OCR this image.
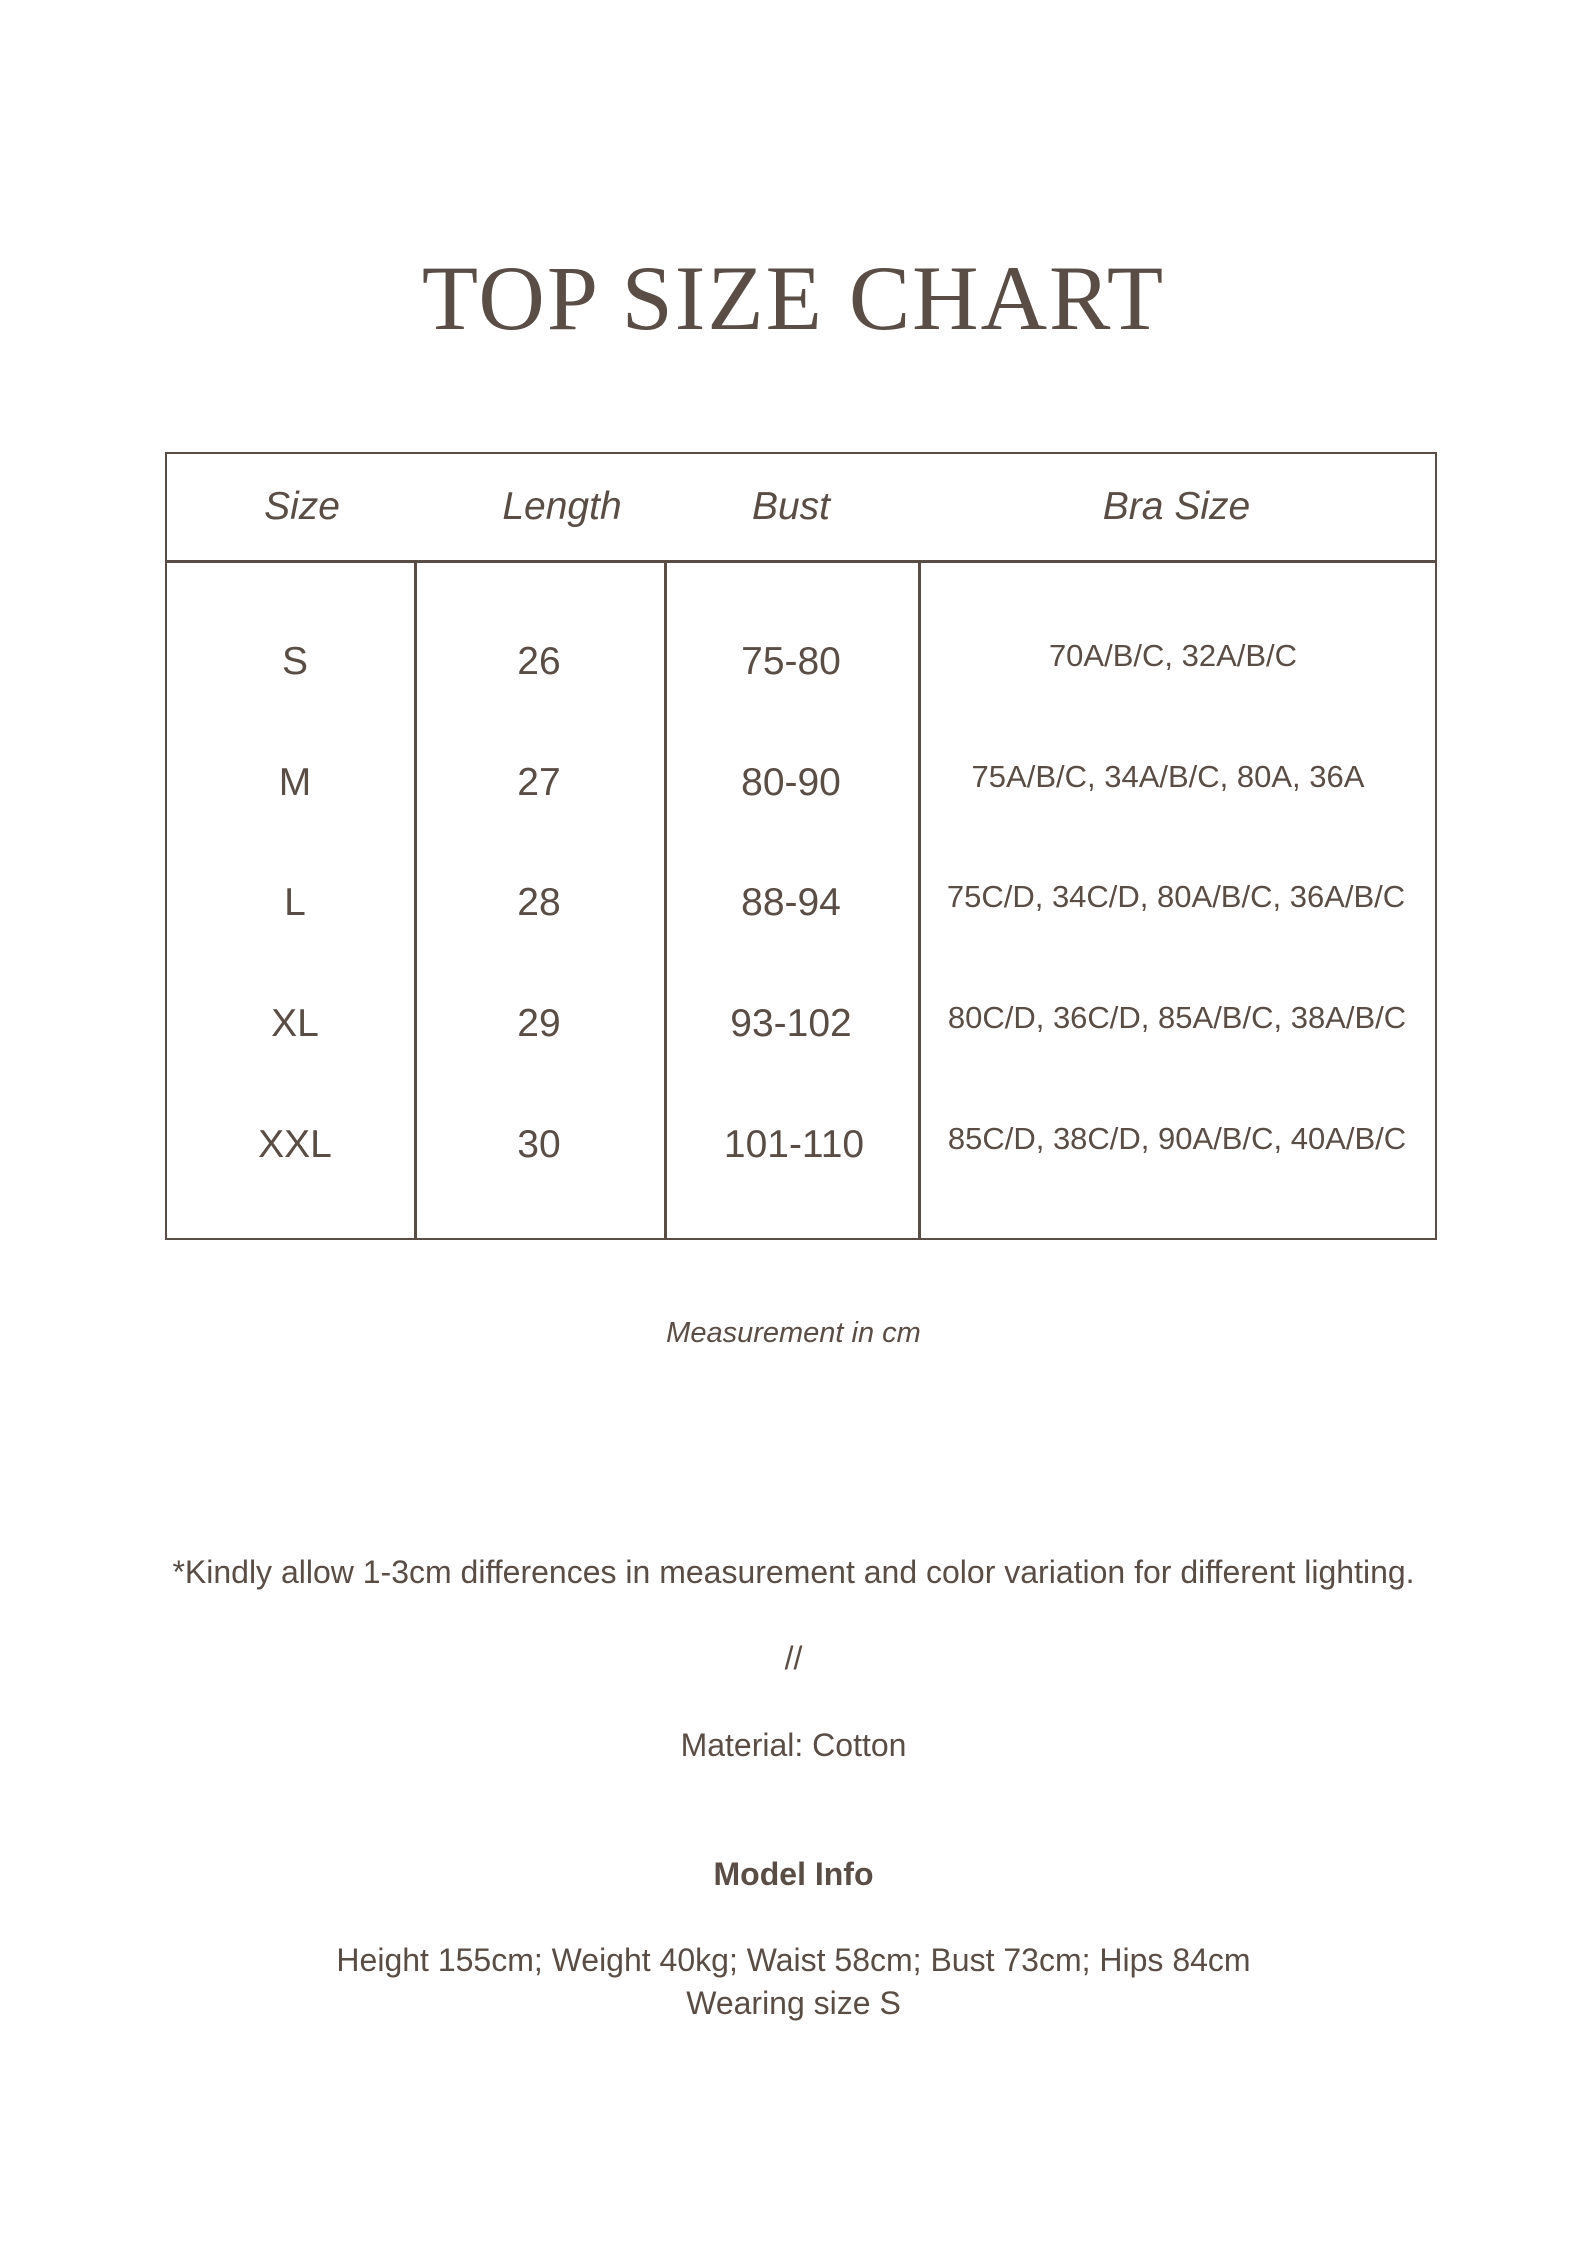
TOP SIZE CHART
Size	Length	Bust	Bra Size
S	26	75-80	70A/B/C, 32A/B/C
M	27	80-90	75A/B/C, 34A/B/C, 80A, 36A
L	28	88-94	75C/D, 34C/D, 80A/B/C, 36A/B/C
XL	29	93-102	80C/D, 36C/D, 85A/B/C, 38A/B/C
XXL	30	101-110	85C/D, 38C/D, 90A/B/C, 40A/B/C
Measurement in cm
*Kindly allow 1-3cm differences in measurement and color variation for different lighting.
//
Material: Cotton
Model Info
Height 155cm; Weight 40kg; Waist 58cm; Bust 73cm; Hips 84cm
Wearing size S
